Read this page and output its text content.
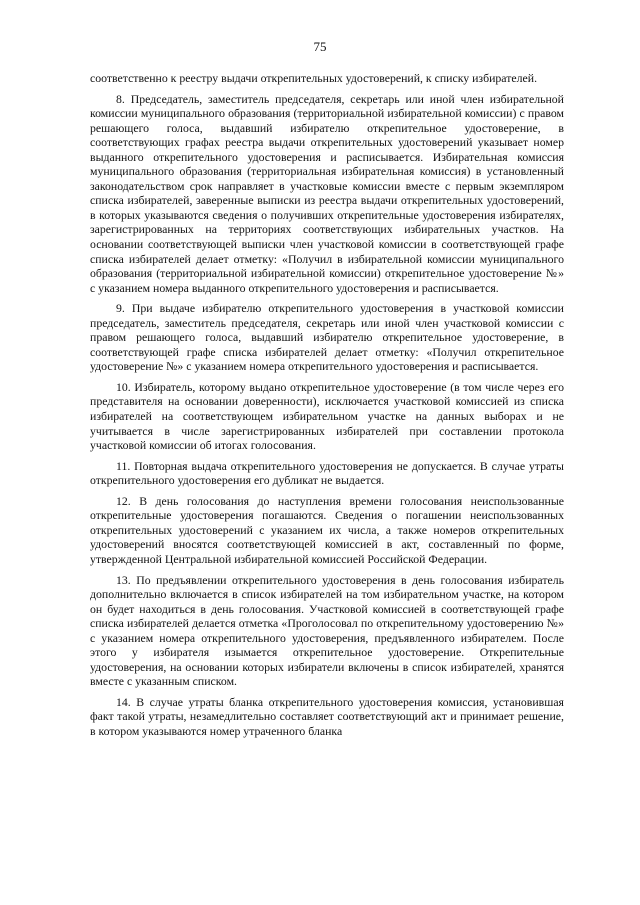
75

соответственно к реестру выдачи открепительных удостоверений, к списку избирателей.

8. Председатель, заместитель председателя, секретарь или иной член избирательной комиссии муниципального образования (территориальной избирательной комиссии) с правом решающего голоса, выдавший избирателю открепительное удостоверение, в соответствующих графах реестра выдачи открепительных удостоверений указывает номер выданного открепительного удостоверения и расписывается. Избирательная комиссия муниципального образования (территориальная избирательная комиссия) в установленный законодательством срок направляет в участковые комиссии вместе с первым экземпляром списка избирателей, заверенные выписки из реестра выдачи открепительных удостоверений, в которых указываются сведения о получивших открепительные удостоверения избирателях, зарегистрированных на территориях соответствующих избирательных участков. На основании соответствующей выписки член участковой комиссии в соответствующей графе списка избирателей делает отметку: «Получил в избирательной комиссии муниципального образования (территориальной избирательной комиссии) открепительное удостоверение №» с указанием номера выданного открепительного удостоверения и расписывается.

9. При выдаче избирателю открепительного удостоверения в участковой комиссии председатель, заместитель председателя, секретарь или иной член участковой комиссии с правом решающего голоса, выдавший избирателю открепительное удостоверение, в соответствующей графе списка избирателей делает отметку: «Получил открепительное удостоверение №» с указанием номера открепительного удостоверения и расписывается.

10. Избиратель, которому выдано открепительное удостоверение (в том числе через его представителя на основании доверенности), исключается участковой комиссией из списка избирателей на соответствующем избирательном участке на данных выборах и не учитывается в числе зарегистрированных избирателей при составлении протокола участковой комиссии об итогах голосования.

11. Повторная выдача открепительного удостоверения не допускается. В случае утраты открепительного удостоверения его дубликат не выдается.

12. В день голосования до наступления времени голосования неиспользованные открепительные удостоверения погашаются. Сведения о погашении неиспользованных открепительных удостоверений с указанием их числа, а также номеров открепительных удостоверений вносятся соответствующей комиссией в акт, составленный по форме, утвержденной Центральной избирательной комиссией Российской Федерации.

13. По предъявлении открепительного удостоверения в день голосования избиратель дополнительно включается в список избирателей на том избирательном участке, на котором он будет находиться в день голосования. Участковой комиссией в соответствующей графе списка избирателей делается отметка «Проголосовал по открепительному удостоверению №» с указанием номера открепительного удостоверения, предъявленного избирателем. После этого у избирателя изымается открепительное удостоверение. Открепительные удостоверения, на основании которых избиратели включены в список избирателей, хранятся вместе с указанным списком.

14. В случае утраты бланка открепительного удостоверения комиссия, установившая факт такой утраты, незамедлительно составляет соответствующий акт и принимает решение, в котором указываются номер утраченного бланка
